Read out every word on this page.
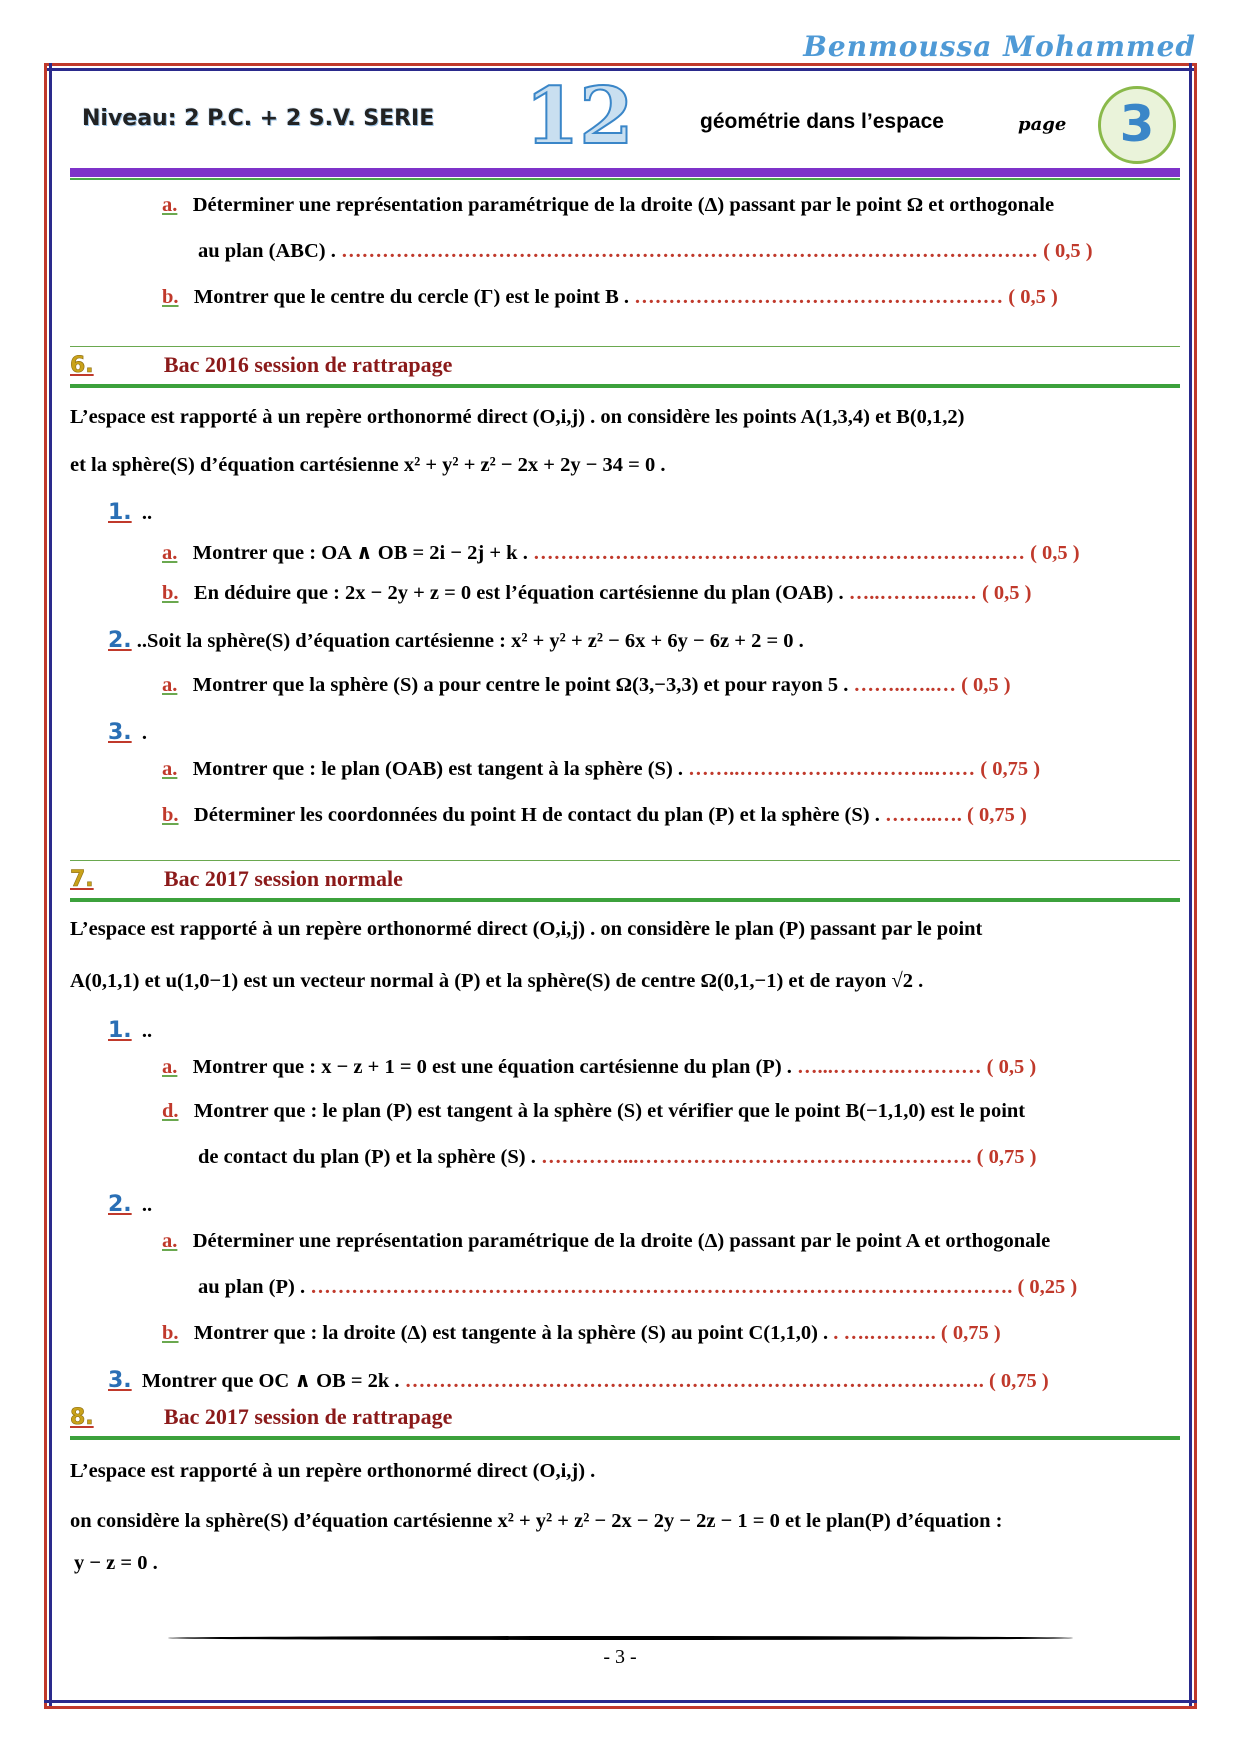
Benmoussa Mohammed
Niveau: 2 P.C. + 2 S.V. SERIE 12	géométrie dans l’espace	page	3
a. Déterminer une représentation paramétrique de la droite (Δ) passant par le point Ω et orthogonale
au plan (ABC) . ………………………………………………………………………………………… ( 0,5 )
b. Montrer que le centre du cercle (Γ) est le point B . ……………………………………………… ( 0,5 )
6.	Bac 2016 session de rattrapage
L’espace est rapporté à un repère orthonormé direct (O,i,j) . on considère les points A(1,3,4) et B(0,1,2)
et la sphère(S) d’équation cartésienne x² + y² + z² − 2x + 2y − 34 = 0 .
1. ..
a. Montrer que : OA ∧ OB = 2i − 2j + k . ……………………………………………………………… ( 0,5 )
b. En déduire que : 2x − 2y + z = 0 est l’équation cartésienne du plan (OAB) . …..…….…..… ( 0,5 )
2. ..Soit la sphère(S) d’équation cartésienne : x² + y² + z² − 6x + 6y − 6z + 2 = 0 .
a. Montrer que la sphère (S) a pour centre le point Ω(3,−3,3) et pour rayon 5 . ……..…..… ( 0,5 )
3. .
a. Montrer que : le plan (OAB) est tangent à la sphère (S) . ……..………………………..…… ( 0,75 )
b. Déterminer les coordonnées du point H de contact du plan (P) et la sphère (S) . ……..…. ( 0,75 )
7.	Bac 2017 session normale
L’espace est rapporté à un repère orthonormé direct (O,i,j) . on considère le plan (P) passant par le point
A(0,1,1) et u(1,0−1) est un vecteur normal à (P) et la sphère(S) de centre Ω(0,1,−1) et de rayon √2 .
1. ..
a. Montrer que : x − z + 1 = 0 est une équation cartésienne du plan (P) . …...……….………… ( 0,5 )
d. Montrer que : le plan (P) est tangent à la sphère (S) et vérifier que le point B(−1,1,0) est le point
de contact du plan (P) et la sphère (S) . …………...…………………………………………. ( 0,75 )
2. ..
a. Déterminer une représentation paramétrique de la droite (Δ) passant par le point A et orthogonale
au plan (P) . …………………………………………………………………………………………. ( 0,25 )
b. Montrer que : la droite (Δ) est tangente à la sphère (S) au point C(1,1,0) . . ….………. ( 0,75 )
3. Montrer que OC ∧ OB = 2k . …………………………………………………………………………. ( 0,75 )
8.	Bac 2017 session de rattrapage
L’espace est rapporté à un repère orthonormé direct (O,i,j) .
on considère la sphère(S) d’équation cartésienne x² + y² + z² − 2x − 2y − 2z − 1 = 0 et le plan(P) d’équation :
y − z = 0 .
- 3 -
